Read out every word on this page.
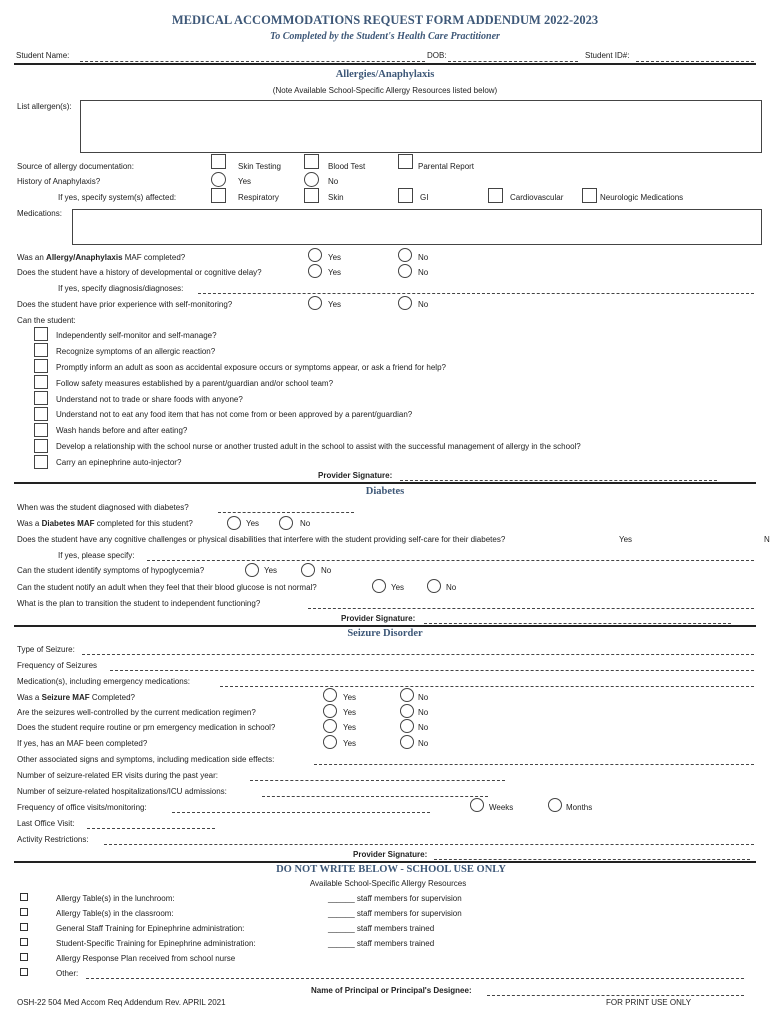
MEDICAL ACCOMMODATIONS REQUEST FORM ADDENDUM 2022-2023
To Completed by the Student's Health Care Practitioner
Student Name:	DOB:	Student ID#:
Allergies/Anaphylaxis
(Note Available School-Specific Allergy Resources listed below)
List allergen(s):
Source of allergy documentation:	Skin Testing	Blood Test	Parental Report
History of Anaphylaxis?	Yes	No
If yes, specify system(s) affected:	Respiratory	Skin	GI	Cardiovascular	Neurologic Medications
Medications:
Was an Allergy/Anaphylaxis MAF completed?	Yes	No
Does the student have a history of developmental or cognitive delay?	Yes	No
If yes, specify diagnosis/diagnoses:
Does the student have prior experience with self-monitoring?	Yes	No
Can the student:
Independently self-monitor and self-manage?
Recognize symptoms of an allergic reaction?
Promptly inform an adult as soon as accidental exposure occurs or symptoms appear, or ask a friend for help?
Follow safety measures established by a parent/guardian and/or school team?
Understand not to trade or share foods with anyone?
Understand not to eat any food item that has not come from or been approved by a parent/guardian?
Wash hands before and after eating?
Develop a relationship with the school nurse or another trusted adult in the school to assist with the successful management of allergy in the school?
Carry an epinephrine auto-injector?
Provider Signature:
Diabetes
When was the student diagnosed with diabetes?
Was a Diabetes MAF completed for this student?	Yes	No
Does the student have any cognitive challenges or physical disabilities that interfere with the student providing self-care for their diabetes?	Yes	N
If yes, please specify:
Can the student identify symptoms of hypoglycemia?	Yes	No
Can the student notify an adult when they feel that their blood glucose is not normal?	Yes	No
What is the plan to transition the student to independent functioning?
Provider Signature:
Seizure Disorder
Type of Seizure:
Frequency of Seizures
Medication(s), including emergency medications:
Was a Seizure MAF Completed?	Yes	No
Are the seizures well-controlled by the current medication regimen?	Yes	No
Does the student require routine or prn emergency medication in school?	Yes	No
If yes, has an MAF been completed?	Yes	No
Other associated signs and symptoms, including medication side effects:
Number of seizure-related ER visits during the past year:
Number of seizure-related hospitalizations/ICU admissions:
Frequency of office visits/monitoring:	Weeks	Months
Last Office Visit:
Activity Restrictions:
Provider Signature:
DO NOT WRITE BELOW - SCHOOL USE ONLY
Available School-Specific Allergy Resources
Allergy Table(s) in the lunchroom:	______ staff members for supervision
Allergy Table(s) in the classroom:	______ staff members for supervision
General Staff Training for Epinephrine administration:	______ staff members trained
Student-Specific Training for Epinephrine administration:	______ staff members trained
Allergy Response Plan received from school nurse
Other:
Name of Principal or Principal's Designee:
OSH-22 504 Med Accom Req Addendum Rev. APRIL 2021	FOR PRINT USE ONLY
